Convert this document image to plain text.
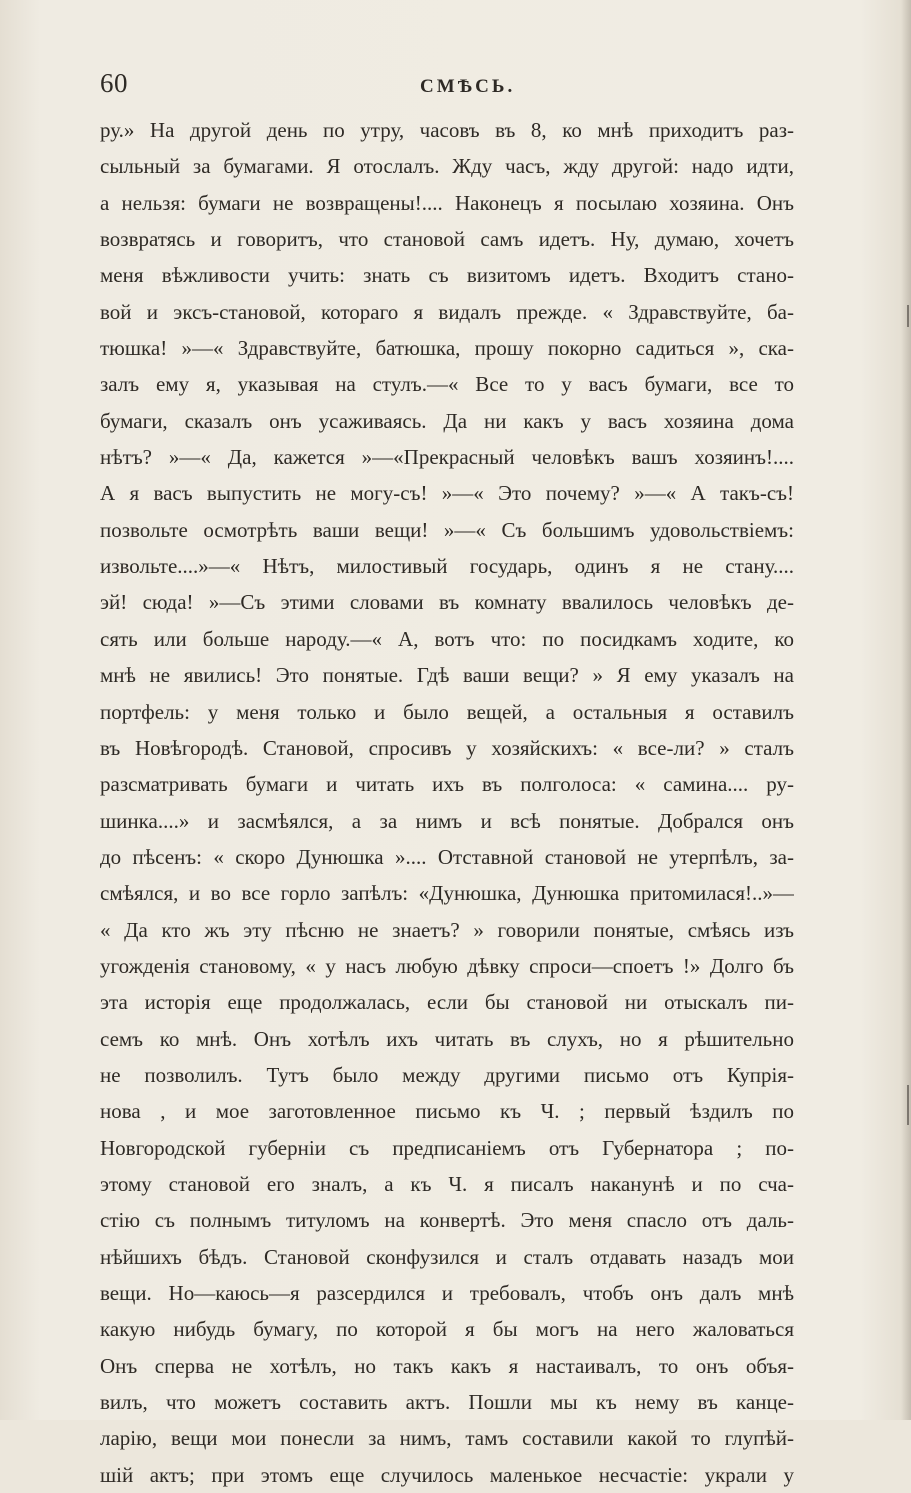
60	СМѢСЬ.
ру.» На другой день по утру, часовъ въ 8, ко мнѣ приходитъ раз-
сыльный за бумагами. Я отослалъ. Жду часъ, жду другой: надо идти,
а нельзя: бумаги не возвращены!.... Наконецъ я посылаю хозяина. Онъ
возвратясь и говоритъ, что становой самъ идетъ. Ну, думаю, хочетъ
меня вѣжливости учить: знать съ визитомъ идетъ. Входитъ стано-
вой и эксъ-становой, котораго я видалъ прежде. « Здравствуйте, ба-
тюшка! »—« Здравствуйте, батюшка, прошу покорно садиться », ска-
залъ ему я, указывая на стулъ.—« Все то у васъ бумаги, все то
бумаги, сказалъ онъ усаживаясь. Да ни какъ у васъ хозяина дома
нѣтъ? »—« Да, кажется »—«Прекрасный человѣкъ вашъ хозяинъ!....
А я васъ выпустить не могу-съ! »—« Это почему? »—« А такъ-съ!
позвольте осмотрѣть ваши вещи! »—« Съ большимъ удовольствіемъ:
извольте....»—« Нѣтъ, милостивый государь, одинъ я не стану....
эй! сюда! »—Съ этими словами въ комнату ввалилось человѣкъ де-
сять или больше народу.—« А, вотъ что: по посидкамъ ходите, ко
мнѣ не явились! Это понятые. Гдѣ ваши вещи? » Я ему указалъ на
портфель: у меня только и было вещей, а остальныя я оставилъ
въ Новѣгородѣ. Становой, спросивъ у хозяйскихъ: « все-ли? » сталъ
разсматривать бумаги и читать ихъ въ полголоса: « самина.... ру-
шинка....» и засмѣялся, а за нимъ и всѣ понятые. Добрался онъ
до пѣсенъ: « скоро Дунюшка ».... Отставной становой не утерпѣлъ, за-
смѣялся, и во все горло запѣлъ: «Дунюшка, Дунюшка притомилася!..»—
« Да кто жъ эту пѣсню не знаетъ? » говорили понятые, смѣясь изъ
угожденія становому, « у насъ любую дѣвку спроси—споетъ !» Долго бъ
эта исторія еще продолжалась, если бы становой ни отыскалъ пи-
семъ ко мнѣ. Онъ хотѣлъ ихъ читать въ слухъ, но я рѣшительно
не позволилъ. Тутъ было между другими письмо отъ Купрія-
нова , и мое заготовленное письмо къ Ч. ; первый ѣздилъ по
Новгородской губерніи съ предписаніемъ отъ Губернатора ; по-
этому становой его зналъ, а къ Ч. я писалъ наканунѣ и по сча-
стію съ полнымъ титуломъ на конвертѣ. Это меня спасло отъ даль-
нѣйшихъ бѣдъ. Становой сконфузился и сталъ отдавать назадъ мои
вещи. Но—каюсь—я разсердился и требовалъ, чтобъ онъ далъ мнѣ
какую нибудь бумагу, по которой я бы могъ на него жаловаться
Онъ сперва не хотѣлъ, но такъ какъ я настаивалъ, то онъ объя-
вилъ, что можетъ составить актъ. Пошли мы къ нему въ канце-
ларію, вещи мои понесли за нимъ, тамъ составили какой то глупѣй-
шій актъ; при этомъ еще случилось маленькое несчастіе: украли у
